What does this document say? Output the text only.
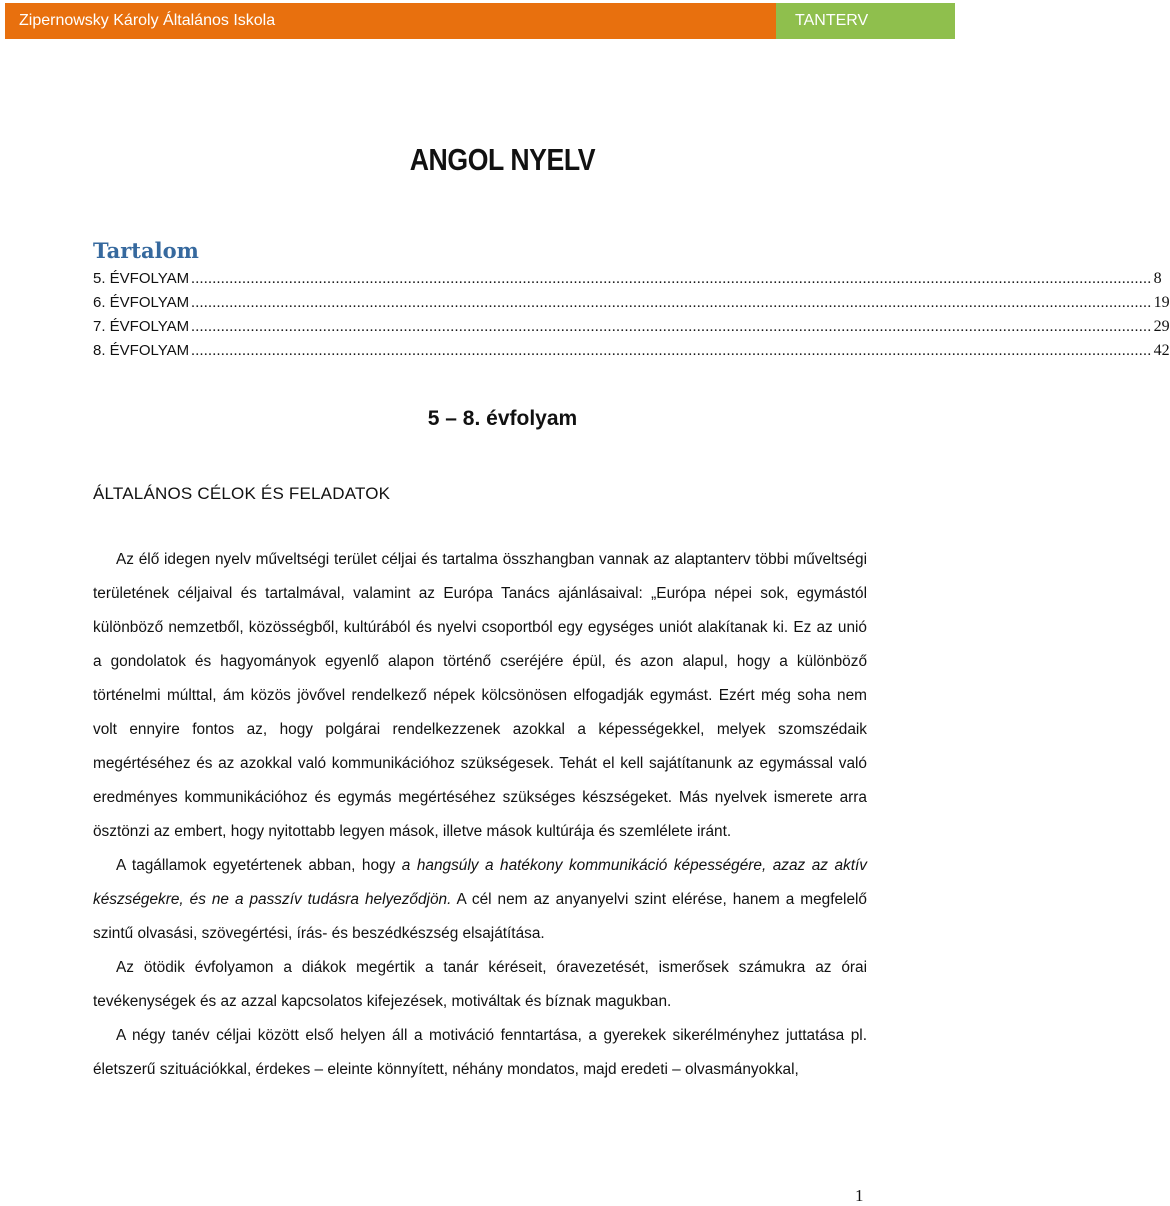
Zipernowsky Károly Általános Iskola	TANTERV
ANGOL NYELV
Tartalom
5. ÉVFOLYAM .................................................................................................................................................................................................................................. 8
6. ÉVFOLYAM .................................................................................................................................................................................................................................. 19
7. ÉVFOLYAM .................................................................................................................................................................................................................................. 29
8. ÉVFOLYAM .................................................................................................................................................................................................................................. 42
5 – 8. évfolyam
ÁLTALÁNOS CÉLOK ÉS FELADATOK

Az élő idegen nyelv műveltségi terület céljai és tartalma összhangban vannak az alaptanterv többi műveltségi területének céljaival és tartalmával, valamint az Európa Tanács ajánlásaival: „Európa népei sok, egymástól különböző nemzetből, közösségből, kultúrából és nyelvi csoportból egy egységes uniót alakítanak ki. Ez az unió a gondolatok és hagyományok egyenlő alapon történő cseréjére épül, és azon alapul, hogy a különböző történelmi múlttal, ám közös jövővel rendelkező népek kölcsönösen elfogadják egymást. Ezért még soha nem volt ennyire fontos az, hogy polgárai rendelkezzenek azokkal a képességekkel, melyek szomszédaik megértéséhez és az azokkal való kommunikációhoz szükségesek. Tehát el kell sajátítanunk az egymással való eredményes kommunikációhoz és egymás megértéséhez szükséges készségeket. Más nyelvek ismerete arra ösztönzi az embert, hogy nyitottabb legyen mások, illetve mások kultúrája és szemlélete iránt.

A tagállamok egyetértenek abban, hogy a hangsúly a hatékony kommunikáció képességére, azaz az aktív készségekre, és ne a passzív tudásra helyeződjön. A cél nem az anyanyelvi szint elérése, hanem a megfelelő szintű olvasási, szövegértési, írás- és beszédkészség elsajátítása.

Az ötödik évfolyamon a diákok megértik a tanár kéréseit, óravezetését, ismerősek számukra az órai tevékenységek és az azzal kapcsolatos kifejezések, motiváltak és bíznak magukban.

A négy tanév céljai között első helyen áll a motiváció fenntartása, a gyerekek sikerélményhez juttatása pl. életszerű szituációkkal, érdekes – eleinte könnyített, néhány mondatos, majd eredeti – olvasmányokkal,

1
